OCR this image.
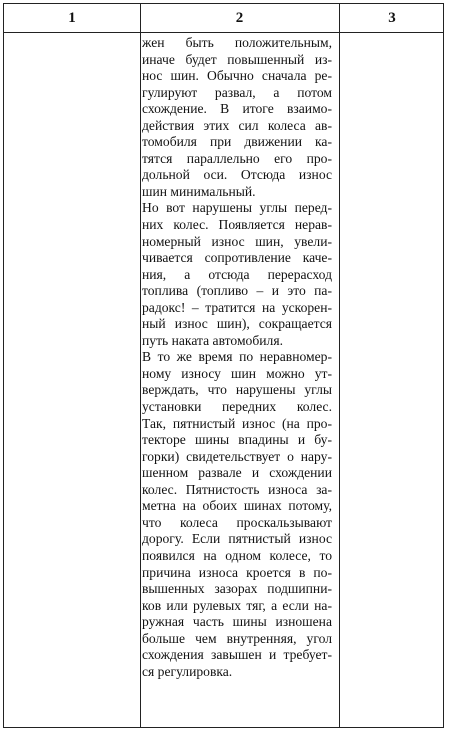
1	2	3
жен быть положительным,
иначе будет повышенный из-
нос шин. Обычно сначала ре-
гулируют развал, а потом
схождение. В итоге взаимо-
действия этих сил колеса ав-
томобиля при движении ка-
тятся параллельно его про-
дольной оси. Отсюда износ
шин минимальный.
Но вот нарушены углы перед-
них колес. Появляется нерав-
номерный износ шин, увели-
чивается сопротивление каче-
ния, а отсюда перерасход
топлива (топливо – и это па-
радокс! – тратится на ускорен-
ный износ шин), сокращается
путь наката автомобиля.
В то же время по неравномер-
ному износу шин можно ут-
верждать, что нарушены углы
установки передних колес.
Так, пятнистый износ (на про-
текторе шины впадины и бу-
горки) свидетельствует о нару-
шенном развале и схождении
колес. Пятнистость износа за-
метна на обоих шинах потому,
что колеса проскальзывают
дорогу. Если пятнистый износ
появился на одном колесе, то
причина износа кроется в по-
вышенных зазорах подшипни-
ков или рулевых тяг, а если на-
ружная часть шины изношена
больше чем внутренняя, угол
схождения завышен и требует-
ся регулировка.
